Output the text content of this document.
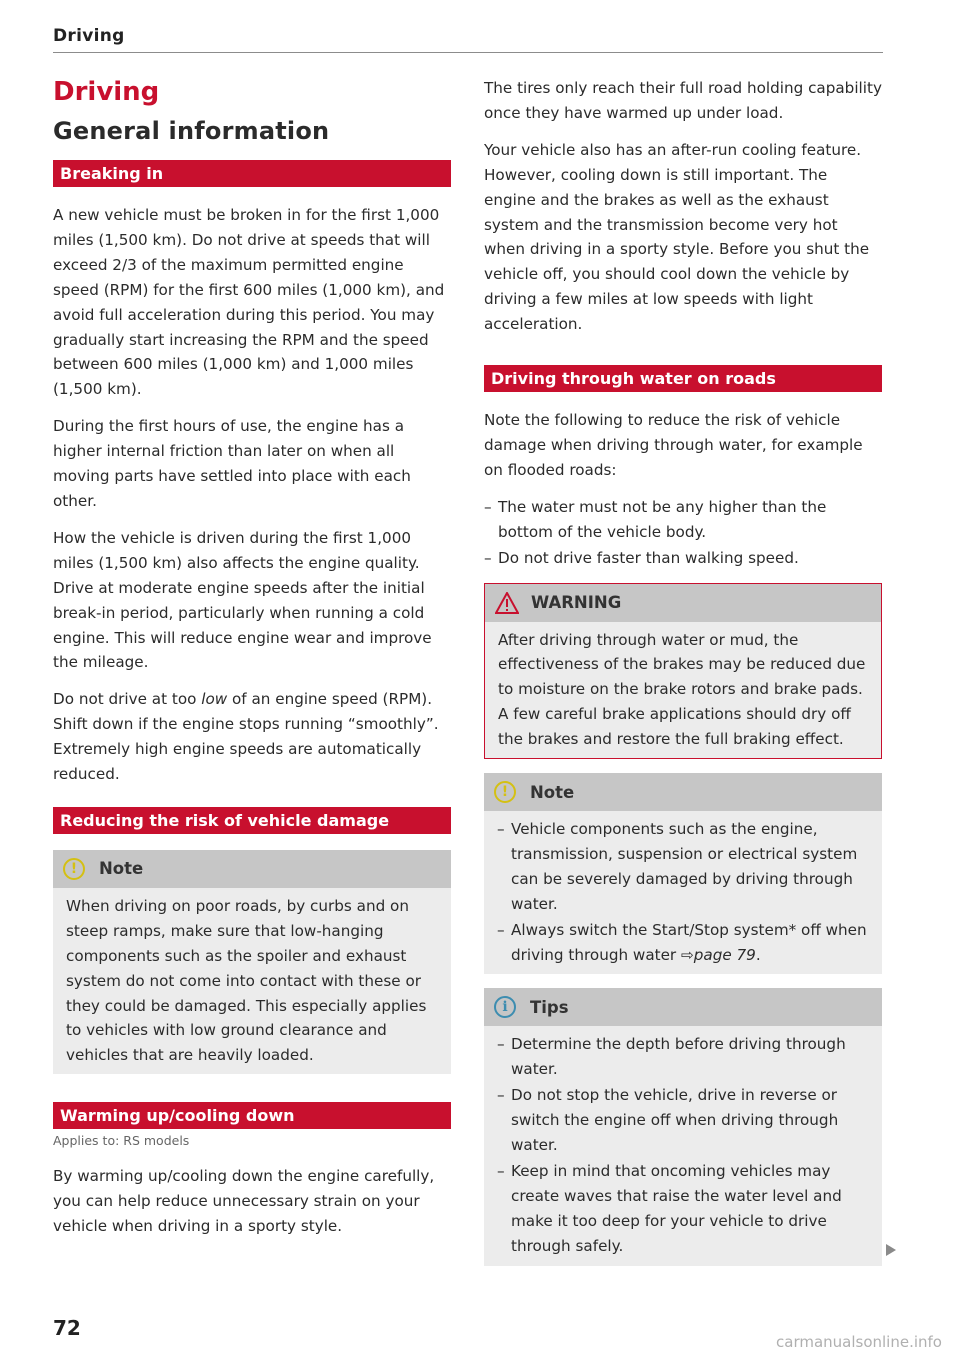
Driving
Driving
General information
Breaking in

A new vehicle must be broken in for the first 1,000 miles (1,500 km). Do not drive at speeds that will exceed 2/3 of the maximum permitted engine speed (RPM) for the first 600 miles (1,000 km), and avoid full acceleration during this period. You may gradually start increasing the RPM and the speed between 600 miles (1,000 km) and 1,000 miles (1,500 km).

During the first hours of use, the engine has a higher internal friction than later on when all moving parts have settled into place with each other.

How the vehicle is driven during the first 1,000 miles (1,500 km) also affects the engine quality. Drive at moderate engine speeds after the initial break-in period, particularly when running a cold engine. This will reduce engine wear and improve the mileage.

Do not drive at too low of an engine speed (RPM). Shift down if the engine stops running “smoothly”. Extremely high engine speeds are automatically reduced.

Reducing the risk of vehicle damage
!	Note

When driving on poor roads, by curbs and on steep ramps, make sure that low-hanging components such as the spoiler and exhaust system do not come into contact with these or they could be damaged. This especially applies to vehicles with low ground clearance and vehicles that are heavily loaded.

Warming up/cooling down
Applies to: RS models

By warming up/cooling down the engine carefully, you can help reduce unnecessary strain on your vehicle when driving in a sporty style.

The tires only reach their full road holding capability once they have warmed up under load.

Your vehicle also has an after-run cooling feature. However, cooling down is still important. The engine and the brakes as well as the exhaust system and the transmission become very hot when driving in a sporty style. Before you shut the vehicle off, you should cool down the vehicle by driving a few miles at low speeds with light acceleration.

Driving through water on roads

Note the following to reduce the risk of vehicle damage when driving through water, for example on flooded roads:

– The water must not be any higher than the bottom of the vehicle body.
– Do not drive faster than walking speed.
WARNING

After driving through water or mud, the effectiveness of the brakes may be reduced due to moisture on the brake rotors and brake pads. A few careful brake applications should dry off the brakes and restore the full braking effect.

!	Note
– Vehicle components such as the engine, transmission, suspension or electrical system can be severely damaged by driving through water.
– Always switch the Start/Stop system* off when driving through water ⇨page 79.
i	Tips
– Determine the depth before driving through water.
– Do not stop the vehicle, drive in reverse or switch the engine off when driving through water.
– Keep in mind that oncoming vehicles may create waves that raise the water level and make it too deep for your vehicle to drive through safely.
72
carmanualsonline.info
